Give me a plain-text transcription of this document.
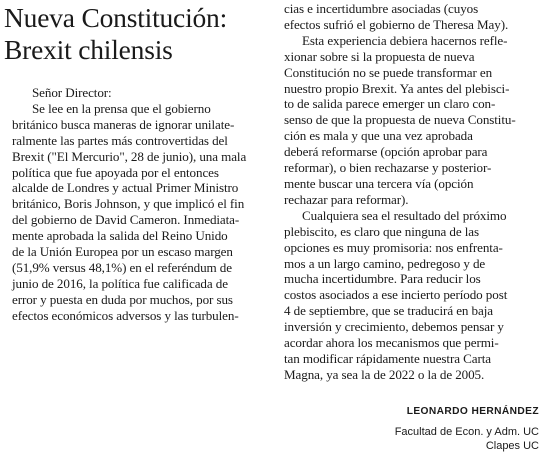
Nueva Constitución:
Brexit chilensis

Señor Director:

Se lee en la prensa que el gobierno
británico busca maneras de ignorar unilate-
ralmente las partes más controvertidas del
Brexit ("El Mercurio", 28 de junio), una mala
política que fue apoyada por el entonces
alcalde de Londres y actual Primer Ministro
británico, Boris Johnson, y que implicó el fin
del gobierno de David Cameron. Inmediata-
mente aprobada la salida del Reino Unido
de la Unión Europea por un escaso margen
(51,9% versus 48,1%) en el referéndum de
junio de 2016, la política fue calificada de
error y puesta en duda por muchos, por sus
efectos económicos adversos y las turbulen-

cias e incertidumbre asociadas (cuyos
efectos sufrió el gobierno de Theresa May).

Esta experiencia debiera hacernos refle-
xionar sobre si la propuesta de nueva
Constitución no se puede transformar en
nuestro propio Brexit. Ya antes del plebisci-
to de salida parece emerger un claro con-
senso de que la propuesta de nueva Constitu-
ción es mala y que una vez aprobada
deberá reformarse (opción aprobar para
reformar), o bien rechazarse y posterior-
mente buscar una tercera vía (opción
rechazar para reformar).

Cualquiera sea el resultado del próximo
plebiscito, es claro que ninguna de las
opciones es muy promisoria: nos enfrenta-
mos a un largo camino, pedregoso y de
mucha incertidumbre. Para reducir los
costos asociados a ese incierto período post
4 de septiembre, que se traducirá en baja
inversión y crecimiento, debemos pensar y
acordar ahora los mecanismos que permi-
tan modificar rápidamente nuestra Carta
Magna, ya sea la de 2022 o la de 2005.

LEONARDO HERNÁNDEZ
Facultad de Econ. y Adm. UC
Clapes UC
